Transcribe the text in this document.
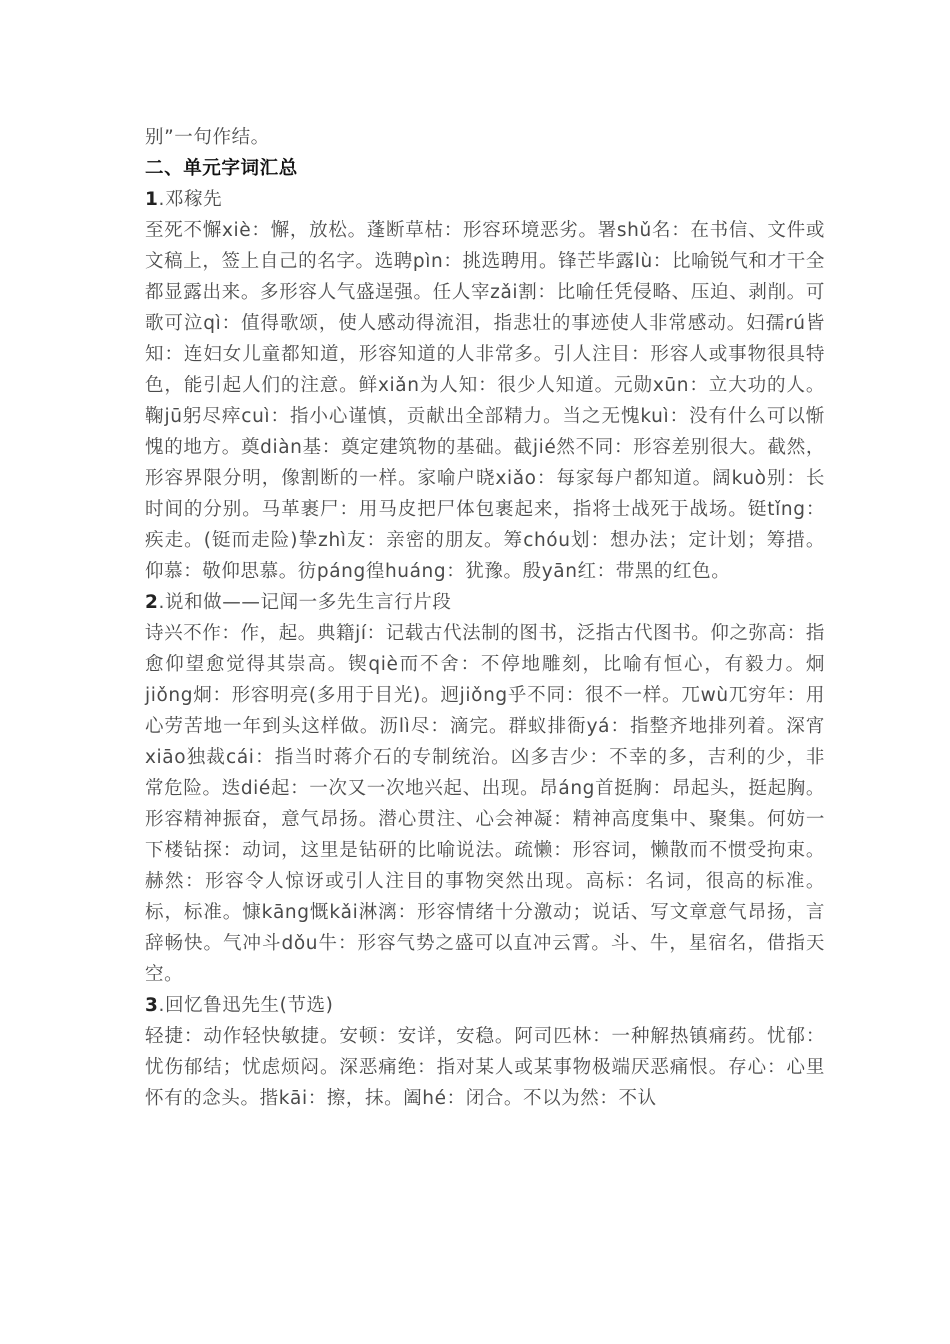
别”一句作结。

二、单元字词汇总

1.邓稼先

至死不懈xiè：懈，放松。蓬断草枯：形容环境恶劣。署shǔ名：在书信、文件或文稿上，签上自己的名字。选聘pìn：挑选聘用。锋芒毕露lù：比喻锐气和才干全都显露出来。多形容人气盛逞强。任人宰zǎi割：比喻任凭侵略、压迫、剥削。可歌可泣qì：值得歌颂，使人感动得流泪，指悲壮的事迹使人非常感动。妇孺rú皆知：连妇女儿童都知道，形容知道的人非常多。引人注目：形容人或事物很具特色，能引起人们的注意。鲜xiǎn为人知：很少人知道。元勋xūn：立大功的人。鞠jū躬尽瘁cuì：指小心谨慎，贡献出全部精力。当之无愧kuì：没有什么可以惭愧的地方。奠diàn基：奠定建筑物的基础。截jié然不同：形容差别很大。截然，形容界限分明，像割断的一样。家喻户晓xiǎo：每家每户都知道。阔kuò别：长时间的分别。马革裹尸：用马皮把尸体包裹起来，指将士战死于战场。铤tǐng：疾走。(铤而走险)挚zhì友：亲密的朋友。筹chóu划：想办法；定计划；筹措。仰慕：敬仰思慕。彷páng徨huáng：犹豫。殷yān红：带黑的红色。

2.说和做——记闻一多先生言行片段

诗兴不作：作，起。典籍jí：记载古代法制的图书，泛指古代图书。仰之弥高：指愈仰望愈觉得其崇高。锲qiè而不舍：不停地雕刻，比喻有恒心，有毅力。炯jiǒng炯：形容明亮(多用于目光)。迥jiǒng乎不同：很不一样。兀wù兀穷年：用心劳苦地一年到头这样做。沥lì尽：滴完。群蚁排衙yá：指整齐地排列着。深宵xiāo独裁cái：指当时蒋介石的专制统治。凶多吉少：不幸的多，吉利的少，非常危险。迭dié起：一次又一次地兴起、出现。昂áng首挺胸：昂起头，挺起胸。形容精神振奋，意气昂扬。潜心贯注、心会神凝：精神高度集中、聚集。何妨一下楼钻探：动词，这里是钻研的比喻说法。疏懒：形容词，懒散而不惯受拘束。赫然：形容令人惊讶或引人注目的事物突然出现。高标：名词，很高的标准。标，标准。慷kāng慨kǎi淋漓：形容情绪十分激动；说话、写文章意气昂扬，言辞畅快。气冲斗dǒu牛：形容气势之盛可以直冲云霄。斗、牛，星宿名，借指天空。

3.回忆鲁迅先生(节选)

轻捷：动作轻快敏捷。安顿：安详，安稳。阿司匹林：一种解热镇痛药。忧郁：忧伤郁结；忧虑烦闷。深恶痛绝：指对某人或某事物极端厌恶痛恨。存心：心里怀有的念头。揩kāi：擦，抹。阖hé：闭合。不以为然：不认
